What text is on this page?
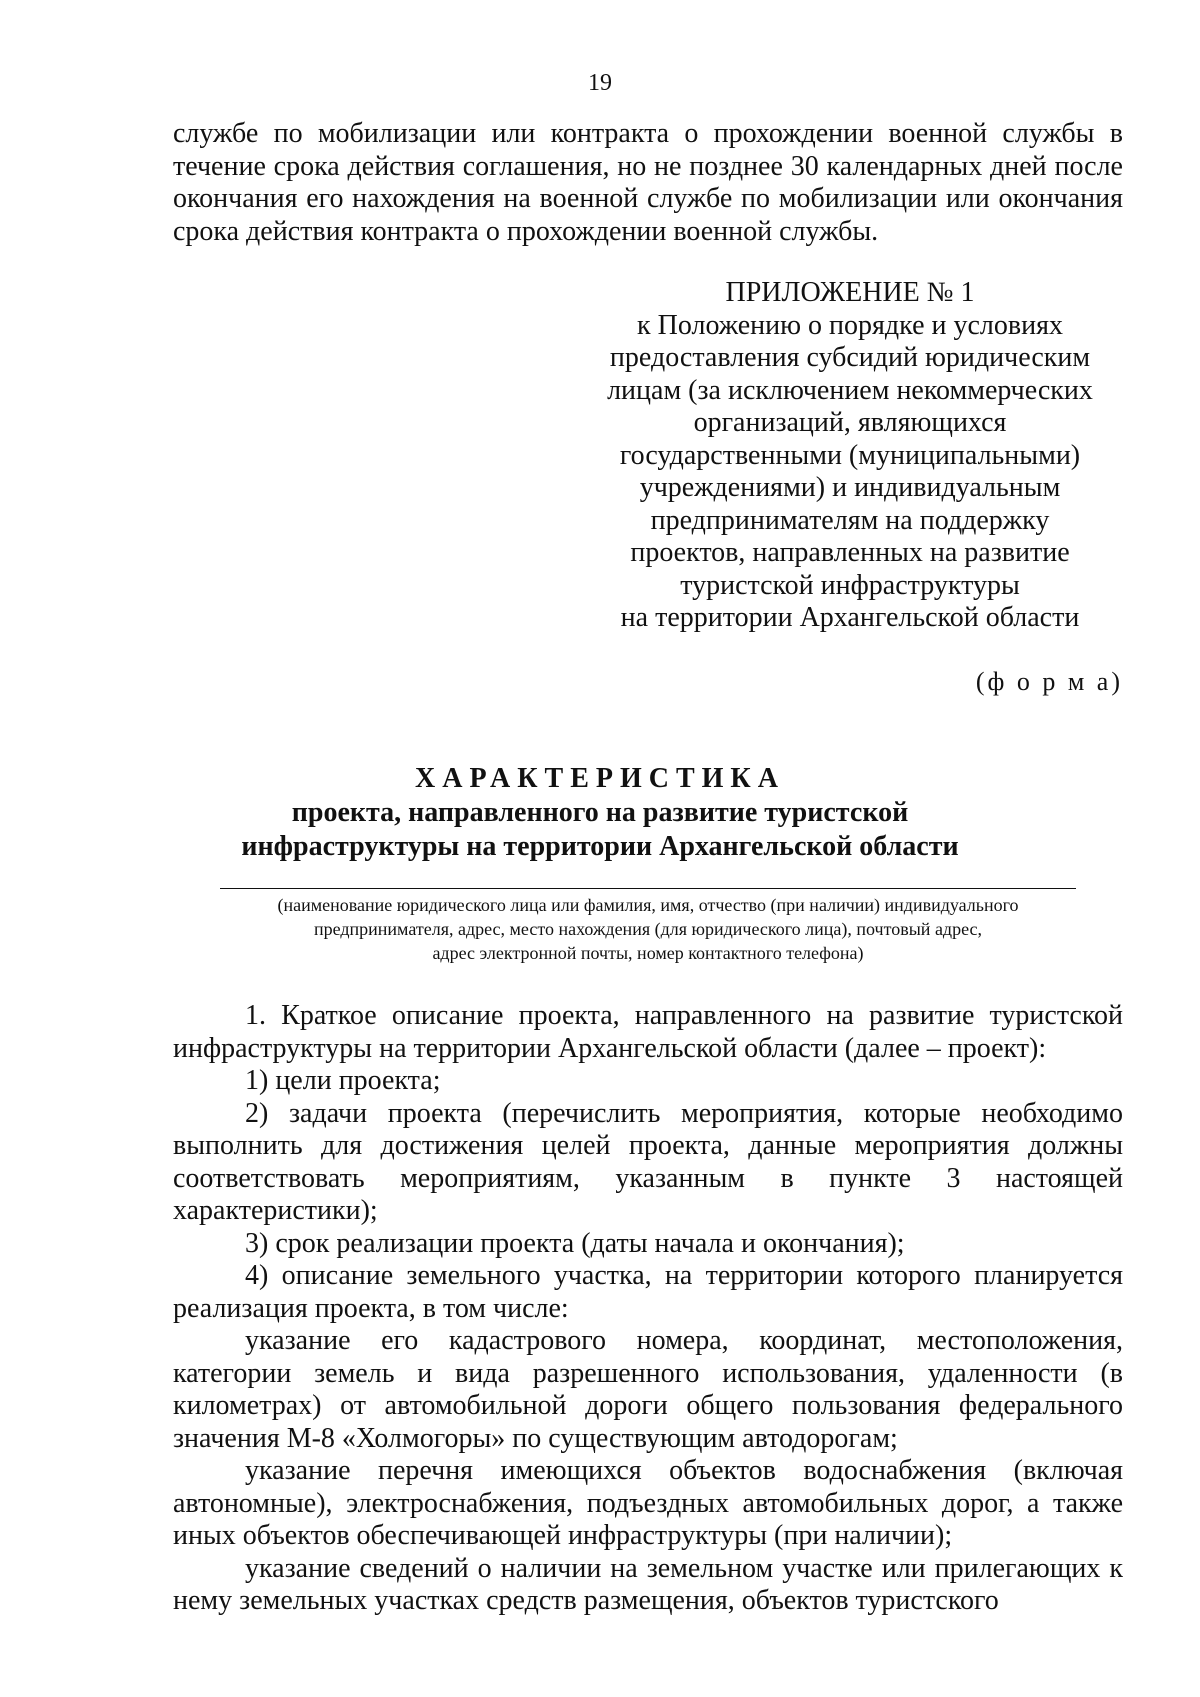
19

службе по мобилизации или контракта о прохождении военной службы в течение срока действия соглашения, но не позднее 30 календарных дней после окончания его нахождения на военной службе по мобилизации или окончания срока действия контракта о прохождении военной службы.

ПРИЛОЖЕНИЕ № 1
к Положению о порядке и условиях
предоставления субсидий юридическим
лицам (за исключением некоммерческих
организаций, являющихся
государственными (муниципальными)
учреждениями) и индивидуальным
предпринимателям на поддержку
проектов, направленных на развитие
туристской инфраструктуры
на территории Архангельской области
(ф о р м а)
ХАРАКТЕРИСТИКА
проекта, направленного на развитие туристской
инфраструктуры на территории Архангельской области
(наименование юридического лица или фамилия, имя, отчество (при наличии) индивидуального
предпринимателя, адрес, место нахождения (для юридического лица), почтовый адрес,
адрес электронной почты, номер контактного телефона)

1. Краткое описание проекта, направленного на развитие туристской инфраструктуры на территории Архангельской области (далее – проект):

1) цели проекта;

2) задачи проекта (перечислить мероприятия, которые необходимо выполнить для достижения целей проекта, данные мероприятия должны соответствовать мероприятиям, указанным в пункте 3 настоящей характеристики);

3) срок реализации проекта (даты начала и окончания);

4) описание земельного участка, на территории которого планируется реализация проекта, в том числе:

указание его кадастрового номера, координат, местоположения, категории земель и вида разрешенного использования, удаленности (в километрах) от автомобильной дороги общего пользования федерального значения М-8 «Холмогоры» по существующим автодорогам;

указание перечня имеющихся объектов водоснабжения (включая автономные), электроснабжения, подъездных автомобильных дорог, а также иных объектов обеспечивающей инфраструктуры (при наличии);

указание сведений о наличии на земельном участке или прилегающих к нему земельных участках средств размещения, объектов туристского
